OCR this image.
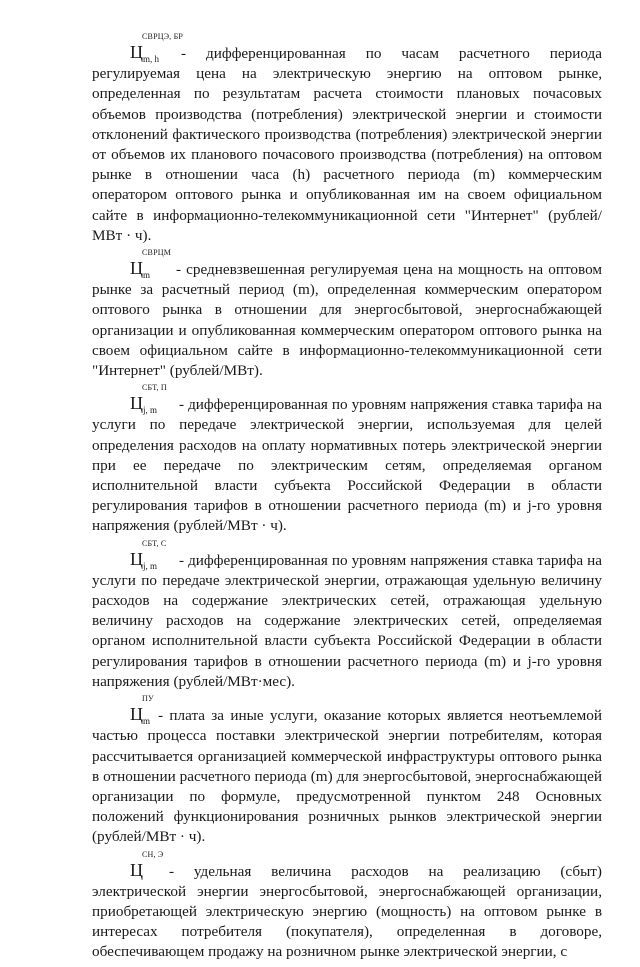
Ц
СВРЦЭ, БР
$_{m, h}$ - дифференцированная по часам расчетного периода регулируемая цена на электрическую энергию на оптовом рынке, определенная по результатам расчета стоимости плановых почасовых объемов производства (потребления) электрической энергии и стоимости отклонений фактического производства (потребления) электрической энергии от объемов их планового почасового производства (потребления) на оптовом рынке в отношении часа (h) расчетного периода (m) коммерческим оператором оптового рынка и опубликованная им на своем официальном сайте в информационно-телекоммуникационной сети "Интернет" (рублей/МВт · ч).

Ц
СВРЦМ
$_m$ - средневзвешенная регулируемая цена на мощность на оптовом рынке за расчетный период (m), определенная коммерческим оператором оптового рынка в отношении для энергосбытовой, энергоснабжающей организации и опубликованная коммерческим оператором оптового рынка на своем официальном сайте в информационно-телекоммуникационной сети "Интернет" (рублей/МВт).

Ц
СБТ, П
$_{j, m}$ - дифференцированная по уровням напряжения ставка тарифа на услуги по передаче электрической энергии, используемая для целей определения расходов на оплату нормативных потерь электрической энергии при ее передаче по электрическим сетям, определяемая органом исполнительной власти субъекта Российской Федерации в области регулирования тарифов в отношении расчетного периода (m) и j-го уровня напряжения (рублей/МВт · ч).

Ц
СБТ, С
$_{j, m}$ - дифференцированная по уровням напряжения ставка тарифа на услуги по передаче электрической энергии, отражающая удельную величину расходов на содержание электрических сетей, отражающая удельную величину расходов на содержание электрических сетей, определяемая органом исполнительной власти субъекта Российской Федерации в области регулирования тарифов в отношении расчетного периода (m) и j-го уровня напряжения (рублей/МВт·мес).

Ц
ПУ
$_m$ - плата за иные услуги, оказание которых является неотъемлемой частью процесса поставки электрической энергии потребителям, которая рассчитывается организацией коммерческой инфраструктуры оптового рынка в отношении расчетного периода (m) для энергосбытовой, энергоснабжающей организации по формуле, предусмотренной пунктом 248 Основных положений функционирования розничных рынков электрической энергии (рублей/МВт · ч).

Ц
СН, Э
- удельная величина расходов на реализацию (сбыт) электрической энергии энергосбытовой, энергоснабжающей организации, приобретающей электрическую энергию (мощность) на оптовом рынке в интересах потребителя (покупателя), определенная в договоре, обеспечивающем продажу на розничном рынке электрической энергии, с
